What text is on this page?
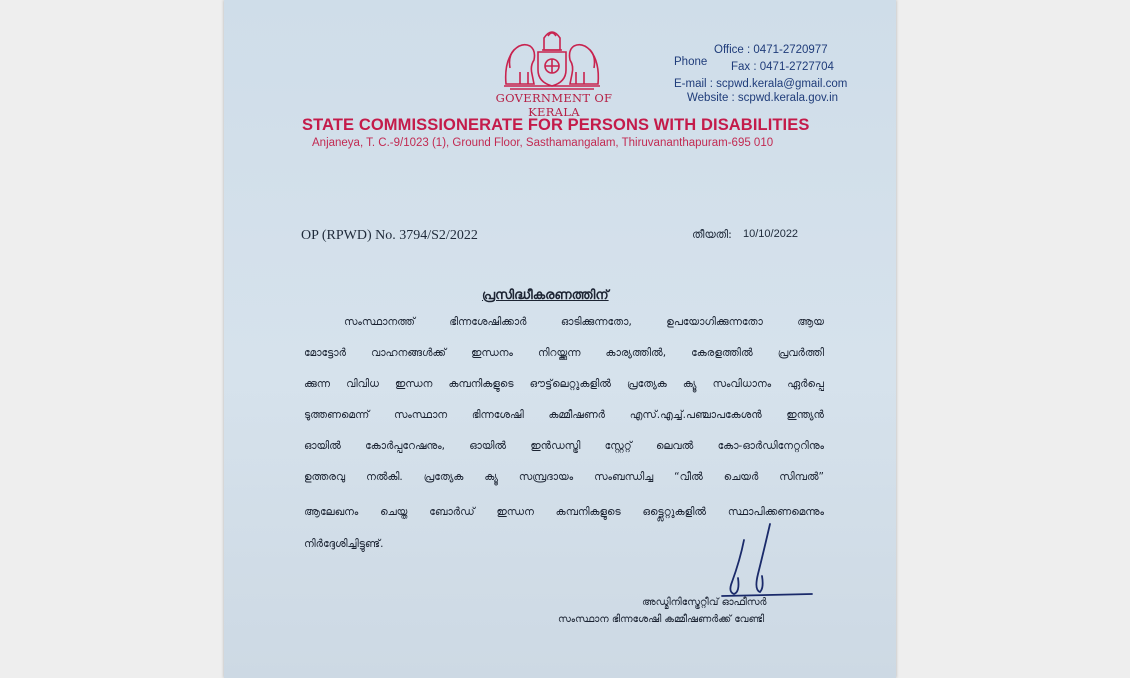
GOVERNMENT OF KERALA
Phone
Office : 0471-2720977
Fax : 0471-2727704
E-mail : scpwd.kerala@gmail.com
Website : scpwd.kerala.gov.in
STATE COMMISSIONERATE FOR PERSONS WITH DISABILITIES
Anjaneya, T. C.-9/1023 (1), Ground Floor, Sasthamangalam, Thiruvananthapuram-695 010
OP (RPWD) No. 3794/S2/2022	തീയതി: 10/10/2022
പ്രസിദ്ധീകരണത്തിന്
സംസ്ഥാനത്ത് ഭിന്നശേഷിക്കാർ ഓടിക്കുന്നതോ, ഉപയോഗിക്കുന്നതോ ആയ
മോട്ടോർ വാഹനങ്ങൾക്ക് ഇന്ധനം നിറയ്ക്കുന്ന കാര്യത്തിൽ, കേരളത്തിൽ പ്രവർത്തി
ക്കുന്ന വിവിധ ഇന്ധന കമ്പനികളുടെ ഔട്ട്‌ലെറ്റുകളിൽ പ്രത്യേക ക്യൂ സംവിധാനം ഏർപ്പെ
ടുത്തണമെന്ന് സംസ്ഥാന ഭിന്നശേഷി കമ്മീഷണർ എസ്.എച്ച്.പഞ്ചാപകേശൻ ഇന്ത്യൻ
ഓയിൽ കോർപ്പറേഷനും, ഓയിൽ ഇൻഡസ്ട്രി സ്റ്റേറ്റ് ലെവൽ കോ-ഓർഡിനേറ്ററിനും
ഉത്തരവു നൽകി. പ്രത്യേക ക്യൂ സമ്പ്രദായം സംബന്ധിച്ച “വീൽ ചെയർ സിമ്പൽ”
ആലേഖനം ചെയ്ത ബോർഡ് ഇന്ധന കമ്പനികളുടെ ഒട്ട്ലെറ്റുകളിൽ സ്ഥാപിക്കണമെന്നും
നിർദ്ദേശിച്ചിട്ടുണ്ട്.
അഡ്മിനിസ്ട്രേറ്റീവ് ഓഫീസർ
സംസ്ഥാന ഭിന്നശേഷി കമ്മീഷണർക്ക് വേണ്ടി
